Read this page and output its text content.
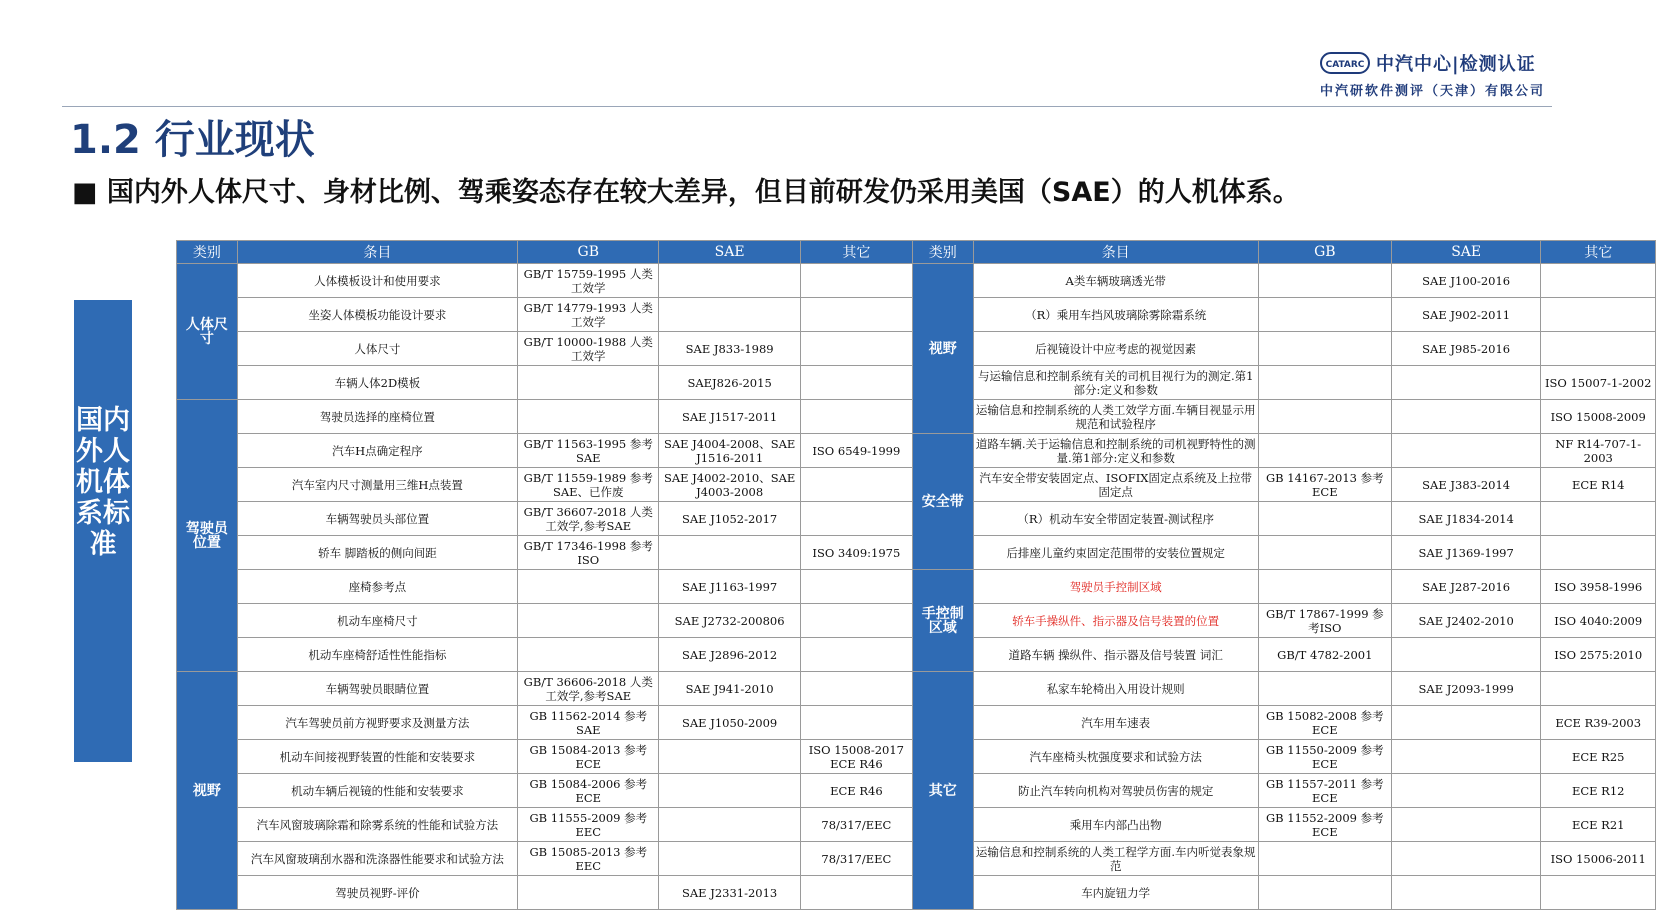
CATARC 中汽中心|检测认证
中汽研软件测评（天津）有限公司
1.2 行业现状
■ 国内外人体尺寸、身材比例、驾乘姿态存在较大差异，但目前研发仍采用美国（SAE）的人机体系。
国内外人机体系标准
类别	条目	GB	SAE	其它	类别	条目	GB	SAE	其它
人体尺寸	人体模板设计和使用要求	GB/T 15759-1995 人类工效学			视野	A类车辆玻璃透光带		SAE J100-2016	
	坐姿人体模板功能设计要求	GB/T 14779-1993 人类工效学				（R）乘用车挡风玻璃除雾除霜系统		SAE J902-2011	
	人体尺寸	GB/T 10000-1988 人类工效学	SAE J833-1989			后视镜设计中应考虑的视觉因素		SAE J985-2016	
	车辆人体2D模板		SAEJ826-2015			与运输信息和控制系统有关的司机目视行为的测定.第1部分:定义和参数			ISO 15007-1-2002
驾驶员位置	驾驶员选择的座椅位置		SAE J1517-2011			运输信息和控制系统的人类工效学方面.车辆目视显示用规范和试验程序			ISO 15008-2009
	汽车H点确定程序	GB/T 11563-1995 参考SAE	SAE J4004-2008、SAE J1516-2011	ISO 6549-1999	安全带	道路车辆.关于运输信息和控制系统的司机视野特性的测量.第1部分:定义和参数			NF R14-707-1-2003
	汽车室内尺寸测量用三维H点装置	GB/T 11559-1989 参考SAE、已作废	SAE J4002-2010、SAE J4003-2008			汽车安全带安装固定点、ISOFIX固定点系统及上拉带固定点	GB 14167-2013 参考ECE	SAE J383-2014	ECE R14
	车辆驾驶员头部位置	GB/T 36607-2018 人类工效学,参考SAE	SAE J1052-2017			（R）机动车安全带固定装置-测试程序		SAE J1834-2014	
	轿车 脚踏板的侧向间距	GB/T 17346-1998 参考ISO		ISO 3409:1975		后排座儿童约束固定范围带的安装位置规定		SAE J1369-1997	
	座椅参考点		SAE J1163-1997		手控制区域	驾驶员手控制区域		SAE J287-2016	ISO 3958-1996
	机动车座椅尺寸		SAE J2732-200806			轿车手操纵件、指示器及信号装置的位置	GB/T 17867-1999 参考ISO	SAE J2402-2010	ISO 4040:2009
	机动车座椅舒适性性能指标		SAE J2896-2012			道路车辆 操纵件、指示器及信号装置 词汇	GB/T 4782-2001		ISO 2575:2010
视野	车辆驾驶员眼睛位置	GB/T 36606-2018 人类工效学,参考SAE	SAE J941-2010		其它	私家车轮椅出入用设计规则		SAE J2093-1999	
	汽车驾驶员前方视野要求及测量方法	GB 11562-2014 参考SAE	SAE J1050-2009			汽车用车速表	GB 15082-2008 参考ECE		ECE R39-2003
	机动车间接视野装置的性能和安装要求	GB 15084-2013 参考ECE		ISO 15008-2017 ECE R46		汽车座椅头枕强度要求和试验方法	GB 11550-2009 参考ECE		ECE R25
	机动车辆后视镜的性能和安装要求	GB 15084-2006 参考ECE		ECE R46		防止汽车转向机构对驾驶员伤害的规定	GB 11557-2011 参考ECE		ECE R12
	汽车风窗玻璃除霜和除雾系统的性能和试验方法	GB 11555-2009 参考EEC		78/317/EEC		乘用车内部凸出物	GB 11552-2009 参考ECE		ECE R21
	汽车风窗玻璃刮水器和洗涤器性能要求和试验方法	GB 15085-2013 参考EEC		78/317/EEC		运输信息和控制系统的人类工程学方面.车内听觉表象规范			ISO 15006-2011
	驾驶员视野-评价		SAE J2331-2013			车内旋钮力学			
